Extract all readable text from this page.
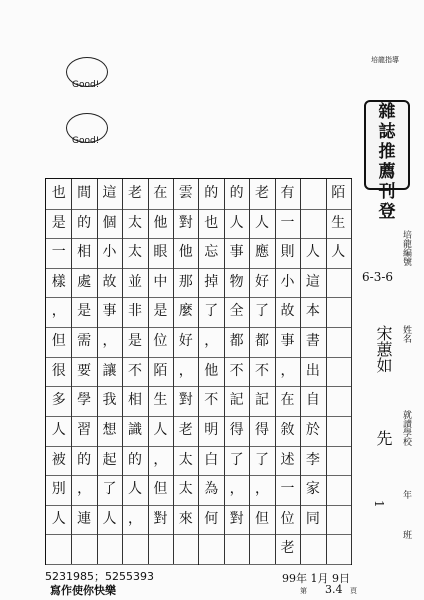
Good!
Good!
培龍指導
雜
誌
推
薦
刊
登
陌
生
人
人
這
本
書
出
自
於
李
家
同
有
一
則
小
故
事
，
在
敘
述
一
位
老
老
人
應
好
了
都
不
記
得
了
，
但
的
人
事
物
全
都
不
記
得
了
，
對
的
也
忘
掉
了
，
他
不
明
白
為
何
雲
對
他
那
麼
好
，
對
老
太
太
來
在
他
眼
中
是
位
陌
生
人
，
但
對
老
太
太
並
非
是
不
相
識
的
人
，
這
個
小
故
事
，
讓
我
想
起
了
人
間
的
相
處
是
需
要
學
習
的
，
連
也
是
一
樣
，
但
很
多
人
被
別
人
培龍編號
6-3-6
姓名
宋蕙如
就讀學校
先
年
1
班
5231985；5255393
寫作使你快樂
99年 1月 9日
第 3.4 頁
